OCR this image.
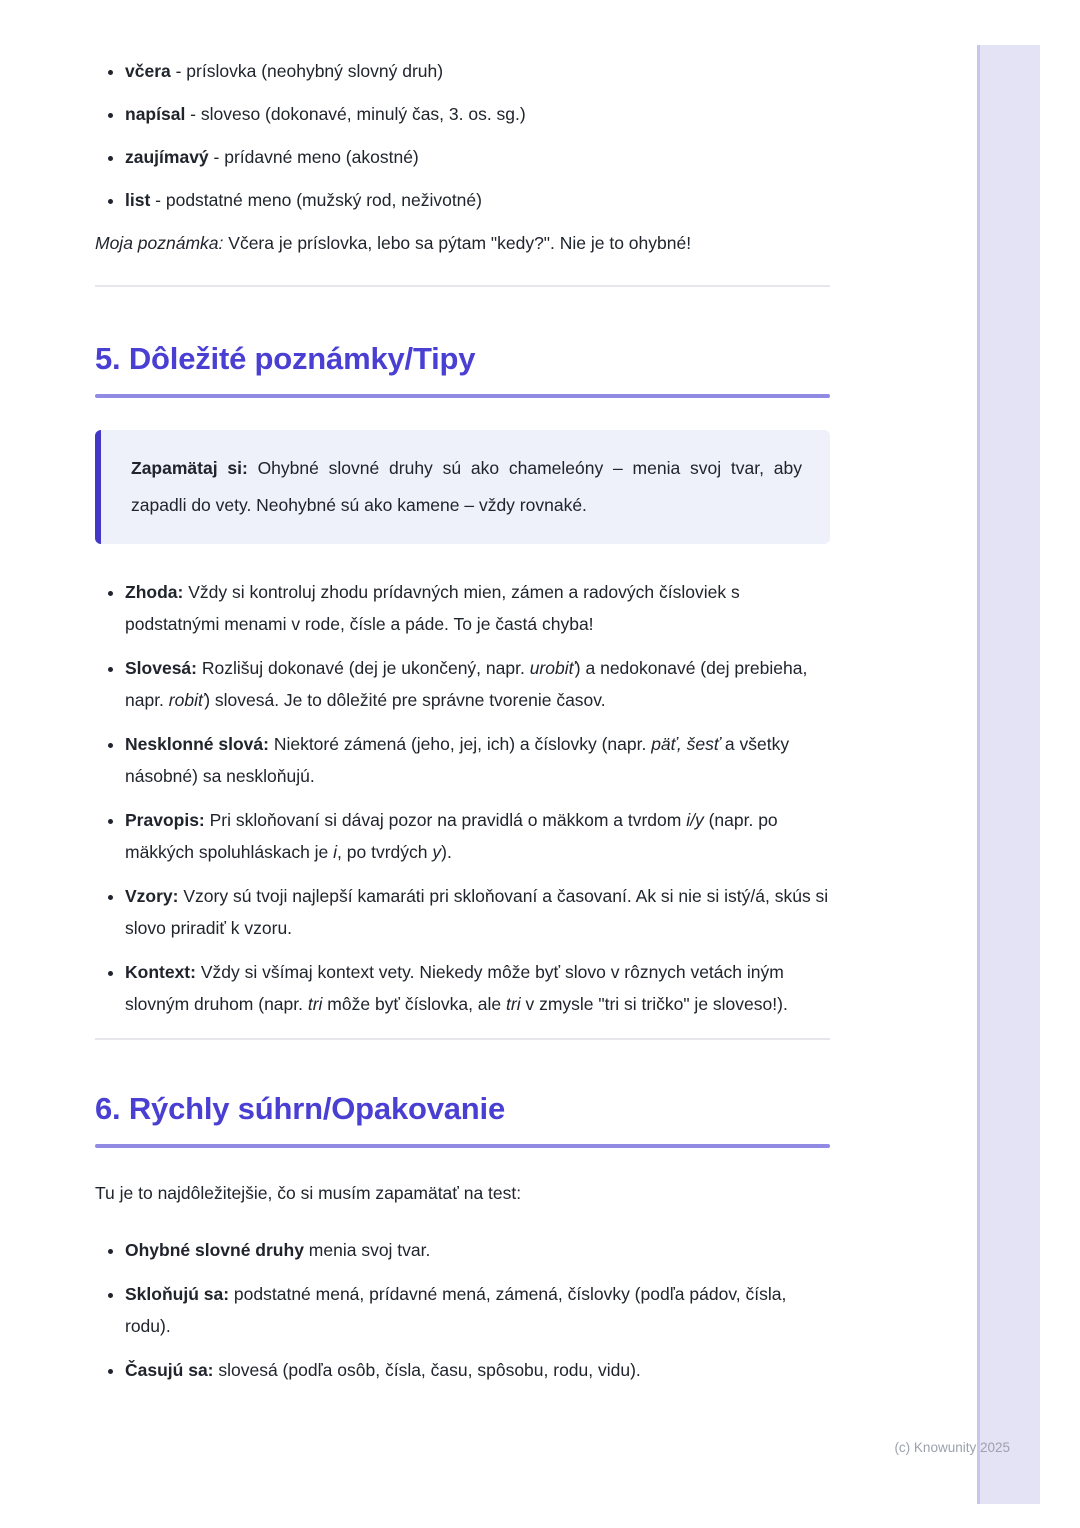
(c) Knowunity 2025
• včera - príslovka (neohybný slovný druh)
• napísal - sloveso (dokonavé, minulý čas, 3. os. sg.)
• zaujímavý - prídavné meno (akostné)
• list - podstatné meno (mužský rod, neživotné)

Moja poznámka: Včera je príslovka, lebo sa pýtam "kedy?". Nie je to ohybné!

5. Dôležité poznámky/Tipy

Zapamätaj si: Ohybné slovné druhy sú ako chameleóny – menia svoj tvar, aby zapadli do vety. Neohybné sú ako kamene – vždy rovnaké.

• Zhoda: Vždy si kontroluj zhodu prídavných mien, zámen a radových čísloviek s podstatnými menami v rode, čísle a páde. To je častá chyba!
• Slovesá: Rozlišuj dokonavé (dej je ukončený, napr. urobiť) a nedokonavé (dej prebieha, napr. robiť) slovesá. Je to dôležité pre správne tvorenie časov.
• Nesklonné slová: Niektoré zámená (jeho, jej, ich) a číslovky (napr. päť, šesť a všetky násobné) sa neskloňujú.
• Pravopis: Pri skloňovaní si dávaj pozor na pravidlá o mäkkom a tvrdom i/y (napr. po mäkkých spoluhláskach je i, po tvrdých y).
• Vzory: Vzory sú tvoji najlepší kamaráti pri skloňovaní a časovaní. Ak si nie si istý/á, skús si slovo priradiť k vzoru.
• Kontext: Vždy si všímaj kontext vety. Niekedy môže byť slovo v rôznych vetách iným slovným druhom (napr. tri môže byť číslovka, ale tri v zmysle "tri si tričko" je sloveso!).
6. Rýchly súhrn/Opakovanie

Tu je to najdôležitejšie, čo si musím zapamätať na test:

• Ohybné slovné druhy menia svoj tvar.
• Skloňujú sa: podstatné mená, prídavné mená, zámená, číslovky (podľa pádov, čísla, rodu).
• Časujú sa: slovesá (podľa osôb, čísla, času, spôsobu, rodu, vidu).
